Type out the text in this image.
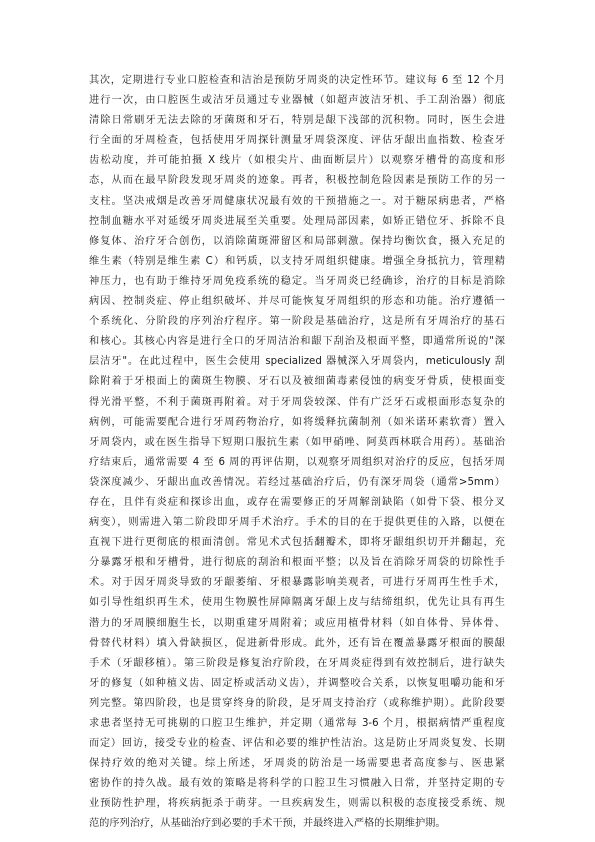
其次，定期进行专业口腔检查和洁治是预防牙周炎的决定性环节。建议每 6 至 12 个月
进行一次，由口腔医生或洁牙员通过专业器械（如超声波洁牙机、手工刮治器）彻底
清除日常刷牙无法去除的牙菌斑和牙石，特别是龈下浅部的沉积物。同时，医生会进
行全面的牙周检查，包括使用牙周探针测量牙周袋深度、评估牙龈出血指数、检查牙
齿松动度，并可能拍摄 X 线片（如根尖片、曲面断层片）以观察牙槽骨的高度和形
态，从而在最早阶段发现牙周炎的迹象。再者，积极控制危险因素是预防工作的另一
支柱。坚决戒烟是改善牙周健康状况最有效的干预措施之一。对于糖尿病患者，严格
控制血糖水平对延缓牙周炎进展至关重要。处理局部因素，如矫正错位牙、拆除不良
修复体、治疗牙合创伤，以消除菌斑滞留区和局部刺激。保持均衡饮食，摄入充足的
维生素（特别是维生素 C）和钙质，以支持牙周组织健康。增强全身抵抗力，管理精
神压力，也有助于维持牙周免疫系统的稳定。当牙周炎已经确诊，治疗的目标是消除
病因、控制炎症、停止组织破坏、并尽可能恢复牙周组织的形态和功能。治疗遵循一
个系统化、分阶段的序列治疗程序。第一阶段是基础治疗，这是所有牙周治疗的基石
和核心。其核心内容是进行全口的牙周洁治和龈下刮治及根面平整，即通常所说的"深
层洁牙"。在此过程中，医生会使用 specialized 器械深入牙周袋内，meticulously 刮
除附着于牙根面上的菌斑生物膜、牙石以及被细菌毒素侵蚀的病变牙骨质，使根面变
得光滑平整，不利于菌斑再附着。对于牙周袋较深、伴有广泛牙石或根面形态复杂的
病例，可能需要配合进行牙周药物治疗，如将缓释抗菌制剂（如米诺环素软膏）置入
牙周袋内，或在医生指导下短期口服抗生素（如甲硝唑、阿莫西林联合用药）。基础治
疗结束后，通常需要 4 至 6 周的再评估期，以观察牙周组织对治疗的反应，包括牙周
袋深度减少、牙龈出血改善情况。若经过基础治疗后，仍有深牙周袋（通常>5mm）
存在，且伴有炎症和探诊出血，或存在需要修正的牙周解剖缺陷（如骨下袋、根分叉
病变），则需进入第二阶段即牙周手术治疗。手术的目的在于提供更佳的入路，以便在
直视下进行更彻底的根面清创。常见术式包括翻瓣术，即将牙龈组织切开并翻起，充
分暴露牙根和牙槽骨，进行彻底的刮治和根面平整；以及旨在消除牙周袋的切除性手
术。对于因牙周炎导致的牙龈萎缩、牙根暴露影响美观者，可进行牙周再生性手术，
如引导性组织再生术，使用生物膜性屏障隔离牙龈上皮与结缔组织，优先让具有再生
潜力的牙周膜细胞生长，以期重建牙周附着；或应用植骨材料（如自体骨、异体骨、
骨替代材料）填入骨缺损区，促进新骨形成。此外，还有旨在覆盖暴露牙根面的膜龈
手术（牙龈移植）。第三阶段是修复治疗阶段，在牙周炎症得到有效控制后，进行缺失
牙的修复（如种植义齿、固定桥或活动义齿），并调整咬合关系，以恢复咀嚼功能和牙
列完整。第四阶段，也是贯穿终身的阶段，是牙周支持治疗（或称维护期）。此阶段要
求患者坚持无可挑剔的口腔卫生维护，并定期（通常每 3-6 个月，根据病情严重程度
而定）回访，接受专业的检查、评估和必要的维护性洁治。这是防止牙周炎复发、长期
保持疗效的绝对关键。综上所述，牙周炎的防治是一场需要患者高度参与、医患紧
密协作的持久战。最有效的策略是将科学的口腔卫生习惯融入日常，并坚持定期的专
业预防性护理，将疾病扼杀于萌芽。一旦疾病发生，则需以积极的态度接受系统、规
范的序列治疗，从基础治疗到必要的手术干预，并最终进入严格的长期维护期。
